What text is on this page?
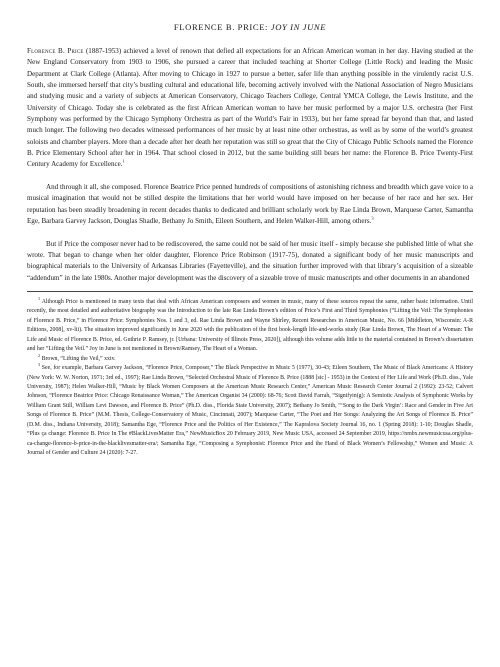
FLORENCE B. PRICE: JOY IN JUNE

Florence B. Price (1887-1953) achieved a level of renown that defied all expectations for an African American woman in her day. Having studied at the New England Conservatory from 1903 to 1906, she pursued a career that included teaching at Shorter College (Little Rock) and leading the Music Department at Clark College (Atlanta). After moving to Chicago in 1927 to pursue a better, safer life than anything possible in the virulently racist U.S. South, she immersed herself that city’s bustling cultural and educational life, becoming actively involved with the National Association of Negro Musicians and studying music and a variety of subjects at American Conservatory, Chicago Teachers College, Central YMCA College, the Lewis Institute, and the University of Chicago. Today she is celebrated as the first African American woman to have her music performed by a major U.S. orchestra (her First Symphony was performed by the Chicago Symphony Orchestra as part of the World’s Fair in 1933), but her fame spread far beyond than that, and lasted much longer. The following two decades witnessed performances of her music by at least nine other orchestras, as well as by some of the world’s greatest soloists and chamber players. More than a decade after her death her reputation was still so great that the City of Chicago Public Schools named the Florence B. Price Elementary School after her in 1964. That school closed in 2012, but the same building still bears her name: the Florence B. Price Twenty-First Century Academy for Excellence.$^1$

And through it all, she composed. Florence Beatrice Price penned hundreds of compositions of astonishing richness and breadth which gave voice to a musical imagination that would not be stilled despite the limitations that her world would have imposed on her because of her race and her sex. Her reputation has been steadily broadening in recent decades thanks to dedicated and brilliant scholarly work by Rae Linda Brown, Marquese Carter, Samantha Ege, Barbara Garvey Jackson, Douglas Shadle, Bethany Jo Smith, Eileen Southern, and Helen Walker-Hill, among others.$^3$

But if Price the composer never had to be rediscovered, the same could not be said of her music itself - simply because she published little of what she wrote. That began to change when her older daughter, Florence Price Robinson (1917-75), donated a significant body of her music manuscripts and biographical materials to the University of Arkansas Libraries (Fayetteville), and the situation further improved with that library’s acquisition of a sizeable “addendum” in the late 1980s. Another major development was the discovery of a sizeable trove of music manuscripts and other documents in an abandoned

$^1$ Although Price is mentioned in many texts that deal with African American composers and women in music, many of these sources repeat the same, rather basic information. Until recently, the most detailed and authoritative biography was the Introduction to the late Rae Linda Brown’s edition of Price’s First and Third Symphonies (“Lifting the Veil: The Symphonies of Florence B. Price,” in Florence Price: Symphonies Nos. 1 and 3, ed. Rae Linda Brown and Wayne Shirley, Recent Researches in American Music, No. 66 [Middleton, Wisconsin: A-R Editions, 2008], xv-lii). The situation improved significantly in June 2020 with the publication of the first book-length life-and-works study (Rae Linda Brown, The Heart of a Woman: The Life and Music of Florence B. Price, ed. Guthrie P. Ramsey, jr. [Urbana: University of Illinois Press, 2020]), although this volume adds little to the material contained in Brown’s dissertation and her “Lifting the Veil.” Joy in June is not mentioned in Brown/Ramsey, The Heart of a Woman.

$^2$ Brown, “Lifting the Veil,” xxiv.

$^3$ See, for example, Barbara Garvey Jackson, “Florence Price, Composer,” The Black Perspective in Music 5 (1977), 30-43; Eileen Southern, The Music of Black Americans: A History (New York: W. W. Norton, 1971; 3rd ed., 1997); Rae Linda Brown, “Selected Orchestral Music of Florence B. Price (1888 [sic] - 1953) in the Context of Her Life and Work (Ph.D. diss., Yale University, 1987); Helen Walker-Hill, “Music by Black Women Composers at the American Music Research Center,” American Music Research Center Journal 2 (1992): 23-52; Calvert Johnson, “Florence Beatrice Price: Chicago Renaissance Woman,” The American Organist 34 (2000): 68-76; Scott David Farrah, “Signifyin(g): A Semiotic Analysis of Symphonic Works by William Grant Still, William Levi Dawson, and Florence B. Price” (Ph.D. diss., Florida State University, 2007); Bethany Jo Smith, “‘Song to the Dark Virgin’: Race and Gender in Five Art Songs of Florence B. Price” (M.M. Thesis, College-Conservatory of Music, Cincinnati, 2007); Marquese Carter, “The Poet and Her Songs: Analyzing the Art Songs of Florence B. Price” (D.M. diss., Indiana University, 2018); Samantha Ege, “Florence Price and the Politics of Her Existence,” The Kapralova Society Journal 16, no. 1 (Spring 2018): 1-10; Douglas Shadle, “Plus ça change: Florence B. Price In The #BlackLivesMatter Era,” NewMusicBox 20 February 2019, New Music USA, accessed 24 September 2019, https://nmbx.newmusicusa.org/plus-ca-change-florence-b-price-in-the-blacklivesmatter-era/; Samantha Ege, “Composing a Symphonist: Florence Price and the Hand of Black Women’s Fellowship,” Women and Music: A Journal of Gender and Culture 24 (2020): 7-27.
